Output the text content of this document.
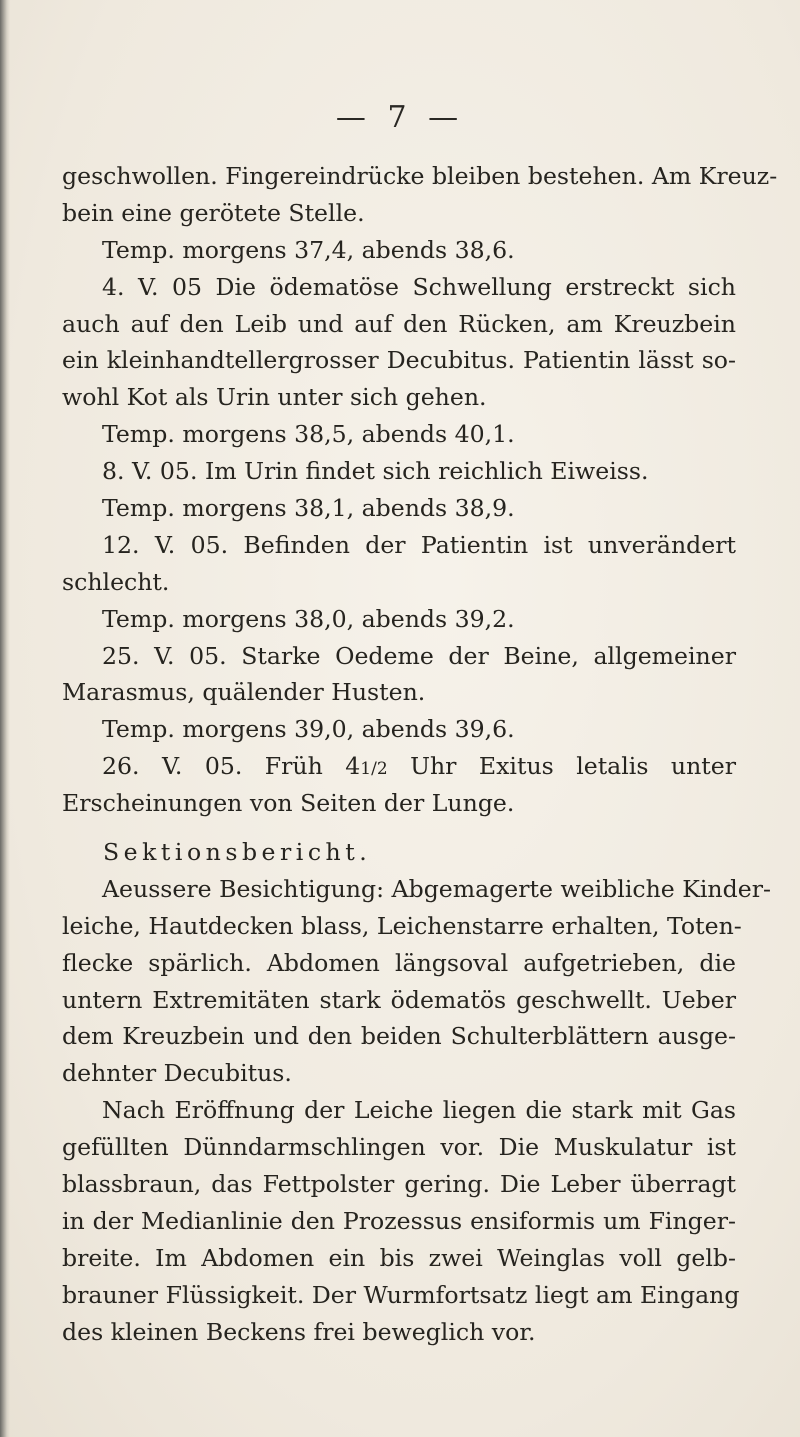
— 7 —
geschwollen. Fingereindrücke bleiben bestehen. Am Kreuz-
bein eine gerötete Stelle.
Temp. morgens 37,4, abends 38,6.
4. V. 05 Die ödematöse Schwellung erstreckt sich
auch auf den Leib und auf den Rücken, am Kreuzbein
ein kleinhandtellergrosser Decubitus. Patientin lässt so-
wohl Kot als Urin unter sich gehen.
Temp. morgens 38,5, abends 40,1.
8. V. 05. Im Urin findet sich reichlich Eiweiss.
Temp. morgens 38,1, abends 38,9.
12. V. 05. Befinden der Patientin ist unverändert
schlecht.
Temp. morgens 38,0, abends 39,2.
25. V. 05. Starke Oedeme der Beine, allgemeiner
Marasmus, quälender Husten.
Temp. morgens 39,0, abends 39,6.
26. V. 05. Früh 41/2 Uhr Exitus letalis unter
Erscheinungen von Seiten der Lunge.
Sektionsbericht.
Aeussere Besichtigung: Abgemagerte weibliche Kinder-
leiche, Hautdecken blass, Leichenstarre erhalten, Toten-
flecke spärlich. Abdomen längsoval aufgetrieben, die
untern Extremitäten stark ödematös geschwellt. Ueber
dem Kreuzbein und den beiden Schulterblättern ausge-
dehnter Decubitus.
Nach Eröffnung der Leiche liegen die stark mit Gas
gefüllten Dünndarmschlingen vor. Die Muskulatur ist
blassbraun, das Fettpolster gering. Die Leber überragt
in der Medianlinie den Prozessus ensiformis um Finger-
breite. Im Abdomen ein bis zwei Weinglas voll gelb-
brauner Flüssigkeit. Der Wurmfortsatz liegt am Eingang
des kleinen Beckens frei beweglich vor.
